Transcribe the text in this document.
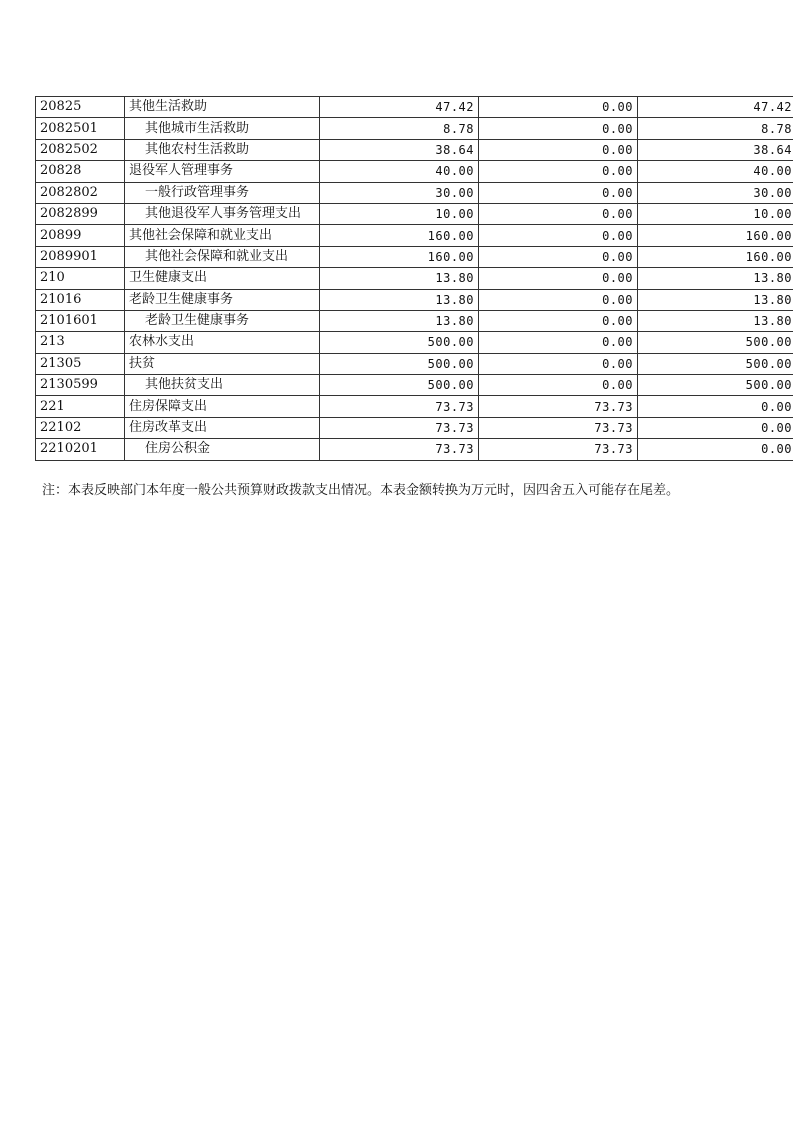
20825	其他生活救助	47.42	0.00	47.42
2082501	其他城市生活救助	8.78	0.00	8.78
2082502	其他农村生活救助	38.64	0.00	38.64
20828	退役军人管理事务	40.00	0.00	40.00
2082802	一般行政管理事务	30.00	0.00	30.00
2082899	其他退役军人事务管理支出	10.00	0.00	10.00
20899	其他社会保障和就业支出	160.00	0.00	160.00
2089901	其他社会保障和就业支出	160.00	0.00	160.00
210	卫生健康支出	13.80	0.00	13.80
21016	老龄卫生健康事务	13.80	0.00	13.80
2101601	老龄卫生健康事务	13.80	0.00	13.80
213	农林水支出	500.00	0.00	500.00
21305	扶贫	500.00	0.00	500.00
2130599	其他扶贫支出	500.00	0.00	500.00
221	住房保障支出	73.73	73.73	0.00
22102	住房改革支出	73.73	73.73	0.00
2210201	住房公积金	73.73	73.73	0.00
注：本表反映部门本年度一般公共预算财政拨款支出情况。本表金额转换为万元时，因四舍五入可能存在尾差。
